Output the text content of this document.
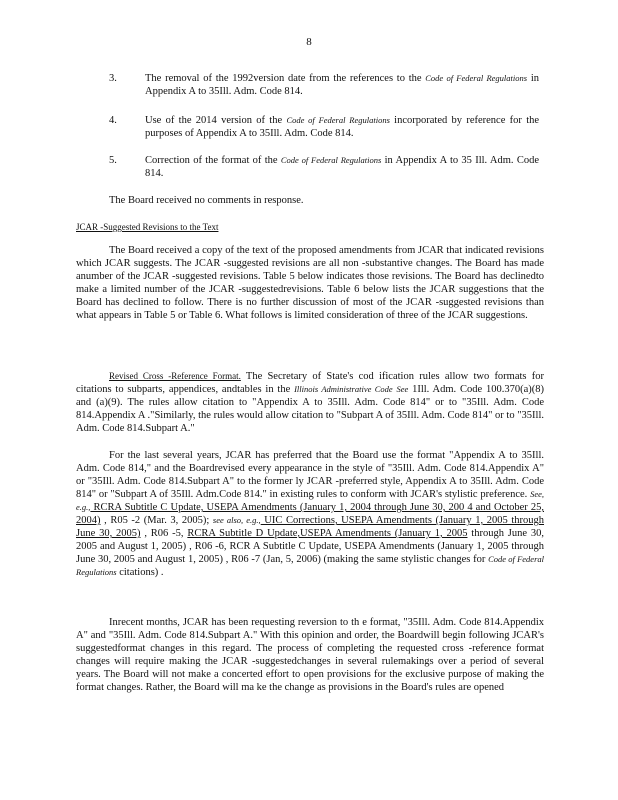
8
3.	The removal of the 1992version date from the references to the Code of Federal Regulations in Appendix A to 35Ill. Adm. Code 814.
4.	Use of the 2014 version of the Code of Federal Regulations incorporated by reference for the purposes of Appendix A to 35Ill. Adm. Code 814.
5.	Correction of the format of the Code of Federal Regulations in Appendix A to 35 Ill. Adm. Code 814.
The Board received no comments in response.
JCAR -Suggested Revisions to the Text
The Board received a copy of the text of the proposed amendments from JCAR that indicated revisions which JCAR suggests. The JCAR -suggested revisions are all non -substantive changes. The Board has made anumber of the JCAR -suggested revisions. Table 5 below indicates those revisions. The Board has declinedto make a limited number of the JCAR -suggestedrevisions. Table 6 below lists the JCAR suggestions that the Board has declined to follow. There is no further discussion of most of the JCAR -suggested revisions than what appears in Table 5 or Table 6. What follows is limited consideration of three of the JCAR suggestions.
Revised Cross -Reference Format. The Secretary of State's cod ification rules allow two formats for citations to subparts, appendices, andtables in the Illinois Administrative Code See 1Ill. Adm. Code 100.370(a)(8) and (a)(9). The rules allow citation to "Appendix A to 35Ill. Adm. Code 814" or to "35Ill. Adm. Code 814.Appendix A ."Similarly, the rules would allow citation to "Subpart A of 35Ill. Adm. Code 814" or to "35Ill. Adm. Code 814.Subpart A."
For the last several years, JCAR has preferred that the Board use the format "Appendix A to 35Ill. Adm. Code 814," and the Boardrevised every appearance in the style of "35Ill. Adm. Code 814.Appendix A" or "35Ill. Adm. Code 814.Subpart A" to the former ly JCAR -preferred style, Appendix A to 35Ill. Adm. Code 814" or "Subpart A of 35Ill. Adm.Code 814." in existing rules to conform with JCAR's stylistic preference. See, e.g., RCRA Subtitle C Update, USEPA Amendments (January 1, 2004 through June 30, 200 4 and October 25, 2004) , R05 -2 (Mar. 3, 2005); see also, e.g., UIC Corrections, USEPA Amendments (January 1, 2005 through June 30, 2005) , R06 -5, RCRA Subtitle D Update,USEPA Amendments (January 1, 2005 through June 30, 2005 and August 1, 2005) , R06 -6, RCR A Subtitle C Update, USEPA Amendments (January 1, 2005 through June 30, 2005 and August 1, 2005) , R06 -7 (Jan, 5, 2006) (making the same stylistic changes for Code of Federal Regulations citations) .
Inrecent months, JCAR has been requesting reversion to th e format, "35Ill. Adm. Code 814.Appendix A" and "35Ill. Adm. Code 814.Subpart A." With this opinion and order, the Boardwill begin following JCAR's suggestedformat changes in this regard. The process of completing the requested cross -reference format changes will require making the JCAR -suggestedchanges in several rulemakings over a period of several years. The Board will not make a concerted effort to open provisions for the exclusive purpose of making the format changes. Rather, the Board will ma ke the change as provisions in the Board's rules are opened
